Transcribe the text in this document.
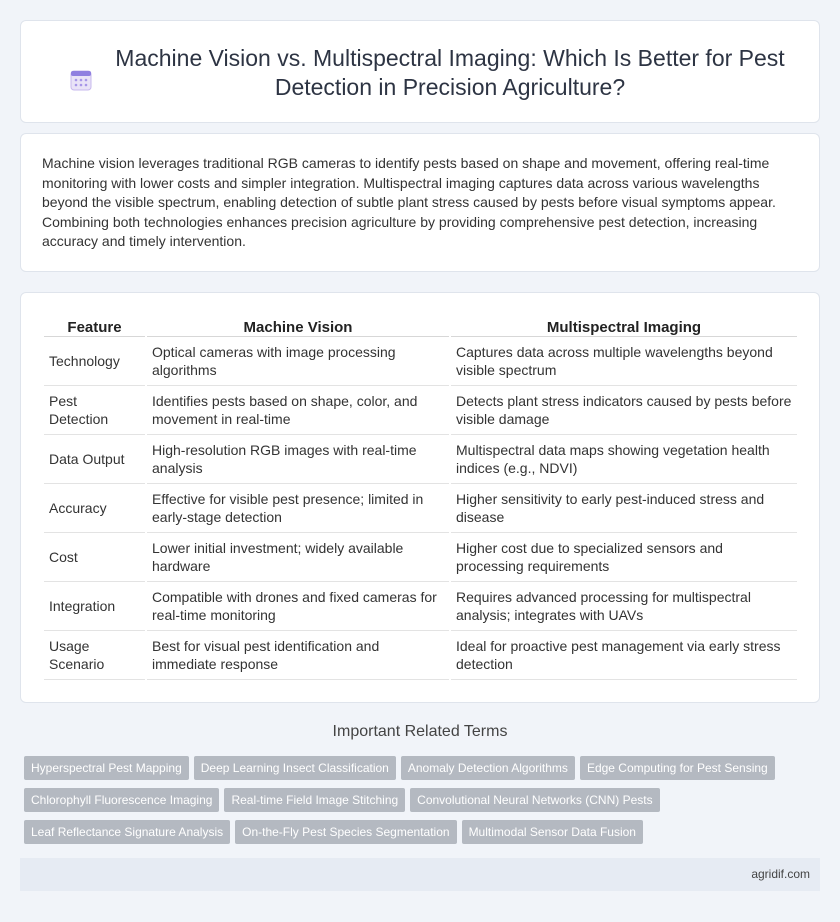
Machine Vision vs. Multispectral Imaging: Which Is Better for Pest Detection in Precision Agriculture?

Machine vision leverages traditional RGB cameras to identify pests based on shape and movement, offering real-time monitoring with lower costs and simpler integration. Multispectral imaging captures data across various wavelengths beyond the visible spectrum, enabling detection of subtle plant stress caused by pests before visual symptoms appear. Combining both technologies enhances precision agriculture by providing comprehensive pest detection, increasing accuracy and timely intervention.

Feature	Machine Vision	Multispectral Imaging
Technology	Optical cameras with image processing algorithms	Captures data across multiple wavelengths beyond visible spectrum
Pest Detection	Identifies pests based on shape, color, and movement in real-time	Detects plant stress indicators caused by pests before visible damage
Data Output	High-resolution RGB images with real-time analysis	Multispectral data maps showing vegetation health indices (e.g., NDVI)
Accuracy	Effective for visible pest presence; limited in early-stage detection	Higher sensitivity to early pest-induced stress and disease
Cost	Lower initial investment; widely available hardware	Higher cost due to specialized sensors and processing requirements
Integration	Compatible with drones and fixed cameras for real-time monitoring	Requires advanced processing for multispectral analysis; integrates with UAVs
Usage Scenario	Best for visual pest identification and immediate response	Ideal for proactive pest management via early stress detection
Important Related Terms
Hyperspectral Pest Mapping Deep Learning Insect Classification Anomaly Detection Algorithms Edge Computing for Pest Sensing
Chlorophyll Fluorescence Imaging Real-time Field Image Stitching Convolutional Neural Networks (CNN) Pests
Leaf Reflectance Signature Analysis On-the-Fly Pest Species Segmentation Multimodal Sensor Data Fusion
agridif.com
